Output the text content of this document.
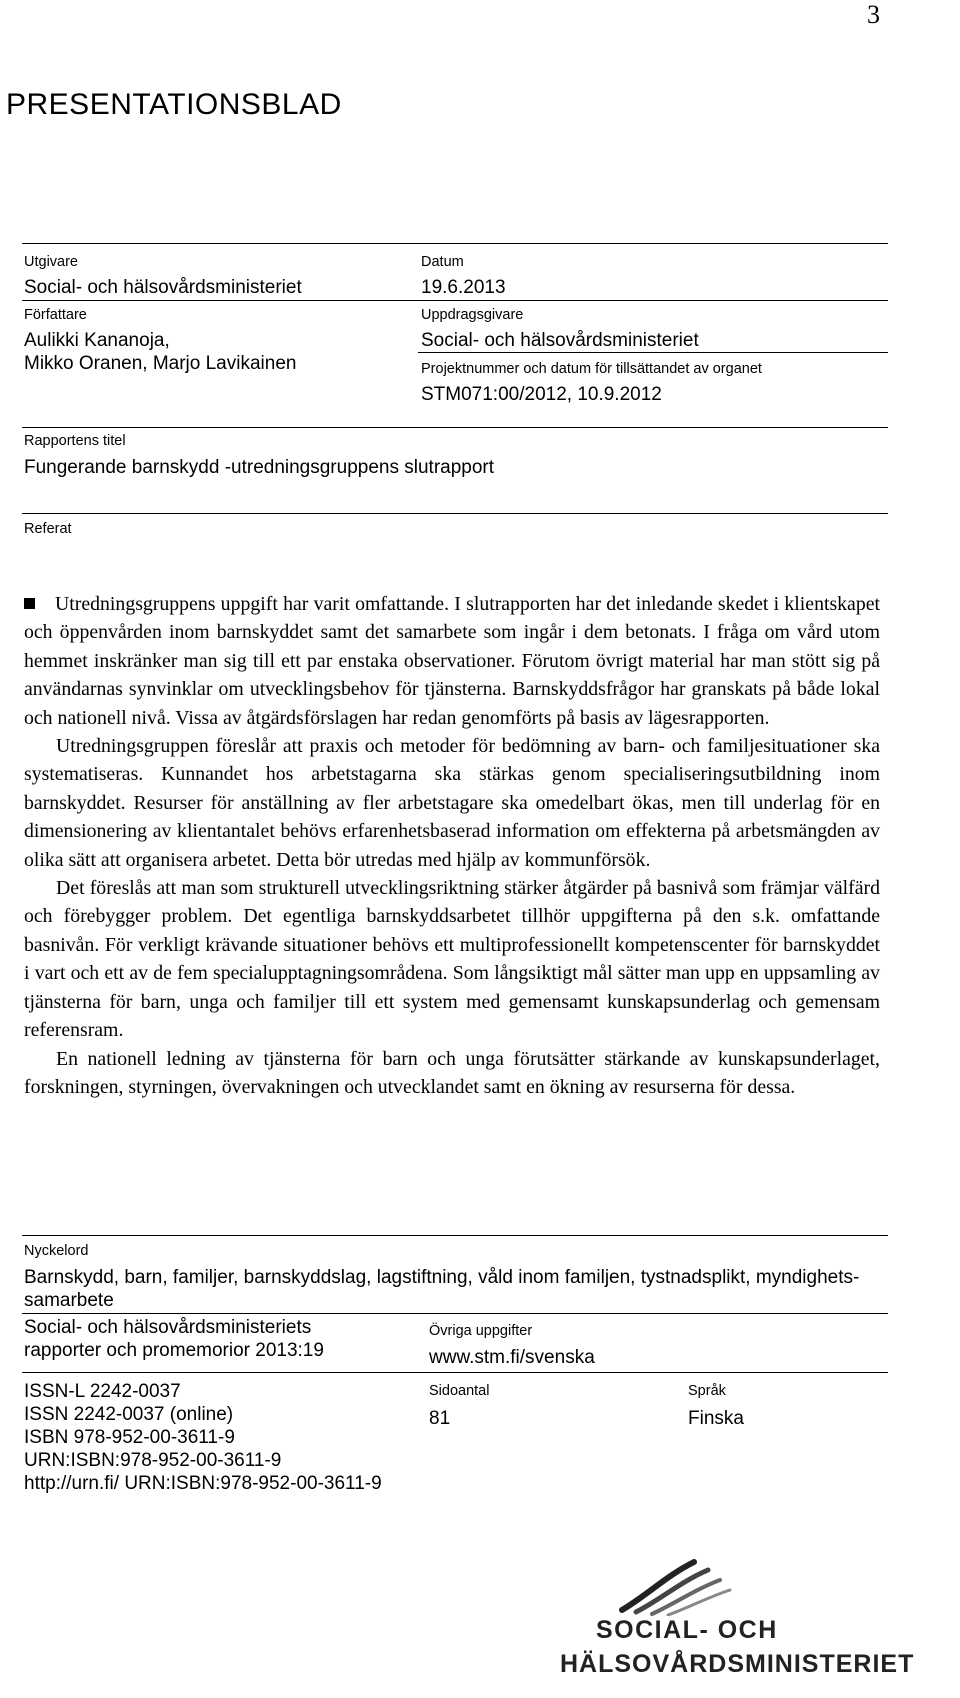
3
PRESENTATIONSBLAD
Utgivare
Social- och hälsovårdsministeriet
Datum
19.6.2013
Författare
Aulikki Kananoja,
Mikko Oranen, Marjo Lavikainen
Uppdragsgivare
Social- och hälsovårdsministeriet
Projektnummer och datum för tillsättandet av organet
STM071:00/2012, 10.9.2012
Rapportens titel
Fungerande barnskydd -utredningsgruppens slutrapport
Referat

Utredningsgruppens uppgift har varit omfattande. I slutrapporten har det inledande skedet i klientskapet och öppenvården inom barnskyddet samt det samarbete som ingår i dem betonats. I fråga om vård utom hemmet inskränker man sig till ett par enstaka observationer. Förutom övrigt material har man stött sig på användarnas synvinklar om utvecklingsbehov för tjänsterna. Barnskyddsfrågor har granskats på både lokal och nationell nivå. Vissa av åtgärdsförslagen har redan genomförts på basis av lägesrapporten.

Utredningsgruppen föreslår att praxis och metoder för bedömning av barn- och familjesituationer ska systematiseras. Kunnandet hos arbetstagarna ska stärkas genom specialiseringsutbildning inom barnskyddet. Resurser för anställning av fler arbetstagare ska omedelbart ökas, men till underlag för en dimensionering av klientantalet behövs erfarenhetsbaserad information om effekterna på arbetsmängden av olika sätt att organisera arbetet. Detta bör utredas med hjälp av kommunförsök.

Det föreslås att man som strukturell utvecklingsriktning stärker åtgärder på basnivå som främjar välfärd och förebygger problem. Det egentliga barnskyddsarbetet tillhör uppgifterna på den s.k. omfattande basnivån. För verkligt krävande situationer behövs ett multiprofessionellt kompetenscenter för barnskyddet i vart och ett av de fem specialupptagningsområdena. Som långsiktigt mål sätter man upp en uppsamling av tjänsterna för barn, unga och familjer till ett system med gemensamt kunskapsunderlag och gemensam referensram.

En nationell ledning av tjänsterna för barn och unga förutsätter stärkande av kunskapsunderlaget, forskningen, styrningen, övervakningen och utvecklandet samt en ökning av resurserna för dessa.

Nyckelord
Barnskydd, barn, familjer, barnskyddslag, lagstiftning, våld inom familjen, tystnadsplikt, myndighetssamarbete
Social- och hälsovårdsministeriets
rapporter och promemorior 2013:19
Övriga uppgifter
www.stm.fi/svenska
ISSN-L 2242-0037
ISSN 2242-0037 (online)
ISBN 978-952-00-3611-9
URN:ISBN:978-952-00-3611-9
http://urn.fi/ URN:ISBN:978-952-00-3611-9
Sidoantal
81
Språk
Finska
SOCIAL- OCH
HÄLSOVÅRDSMINISTERIET
